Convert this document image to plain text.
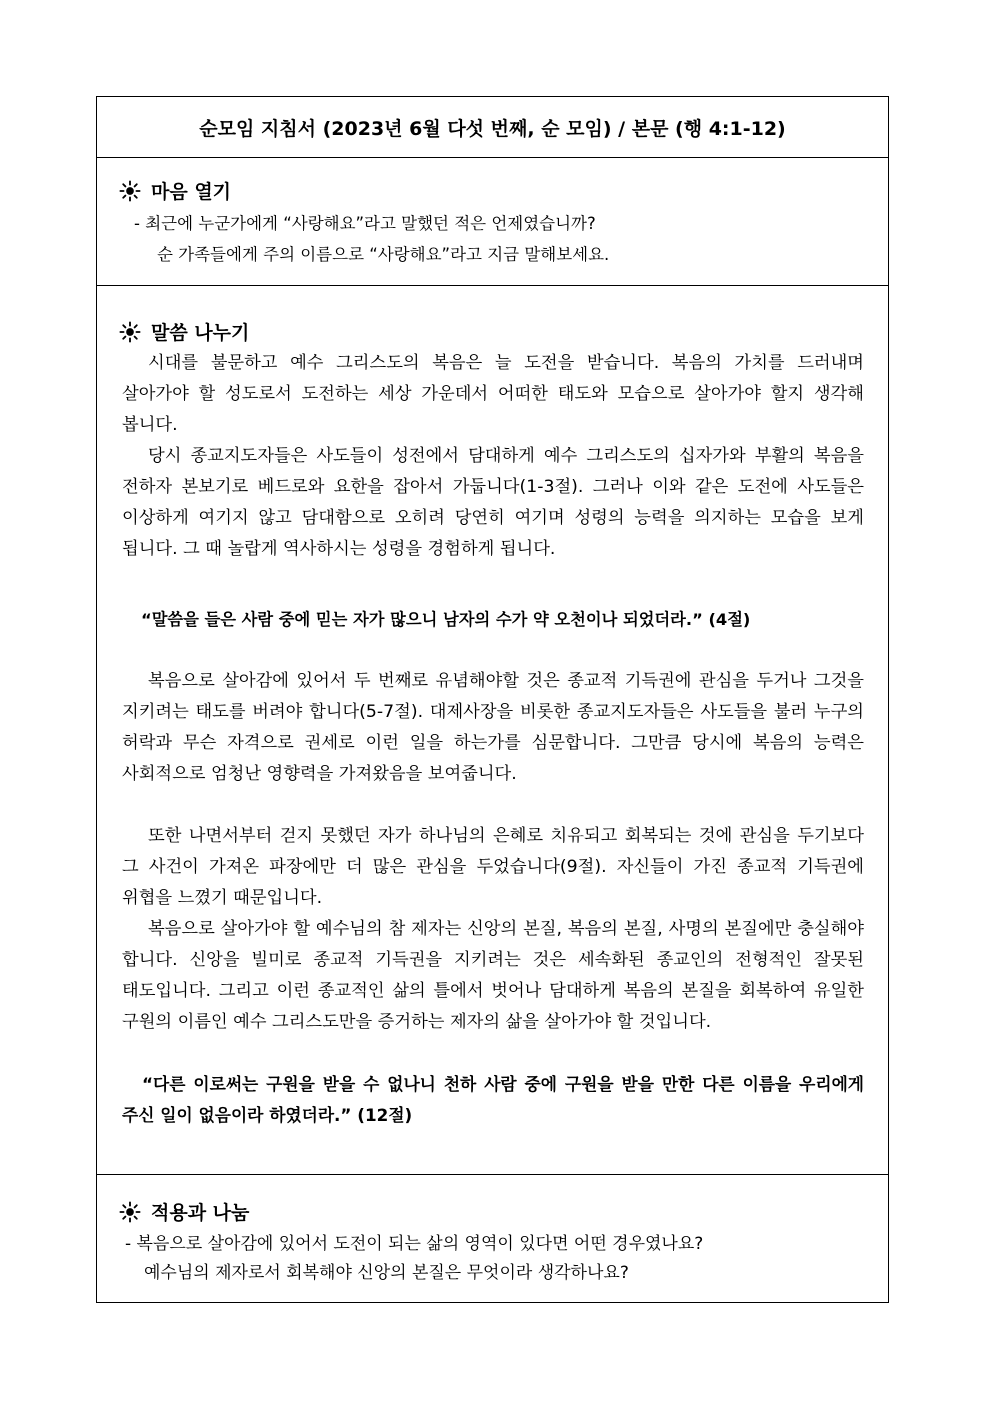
순모임 지침서 (2023년 6월 다섯 번째, 순 모임) / 본문 (행 4:1-12)
마음 열기
- 최근에 누군가에게 “사랑해요”라고 말했던 적은 언제였습니까?
순 가족들에게 주의 이름으로 “사랑해요”라고 지금 말해보세요.
말씀 나누기
시대를 불문하고 예수 그리스도의 복음은 늘 도전을 받습니다. 복음의 가치를 드러내며 살아가야 할 성도로서 도전하는 세상 가운데서 어떠한 태도와 모습으로 살아가야 할지 생각해 봅니다.
당시 종교지도자들은 사도들이 성전에서 담대하게 예수 그리스도의 십자가와 부활의 복음을 전하자 본보기로 베드로와 요한을 잡아서 가둡니다(1-3절). 그러나 이와 같은 도전에 사도들은 이상하게 여기지 않고 담대함으로 오히려 당연히 여기며 성령의 능력을 의지하는 모습을 보게 됩니다. 그 때 놀랍게 역사하시는 성령을 경험하게 됩니다.
“말씀을 들은 사람 중에 믿는 자가 많으니 남자의 수가 약 오천이나 되었더라.” (4절)
복음으로 살아감에 있어서 두 번째로 유념해야할 것은 종교적 기득권에 관심을 두거나 그것을 지키려는 태도를 버려야 합니다(5-7절). 대제사장을 비롯한 종교지도자들은 사도들을 불러 누구의 허락과 무슨 자격으로 권세로 이런 일을 하는가를 심문합니다. 그만큼 당시에 복음의 능력은 사회적으로 엄청난 영향력을 가져왔음을 보여줍니다.
또한 나면서부터 걷지 못했던 자가 하나님의 은혜로 치유되고 회복되는 것에 관심을 두기보다 그 사건이 가져온 파장에만 더 많은 관심을 두었습니다(9절). 자신들이 가진 종교적 기득권에 위협을 느꼈기 때문입니다.
복음으로 살아가야 할 예수님의 참 제자는 신앙의 본질, 복음의 본질, 사명의 본질에만 충실해야 합니다. 신앙을 빌미로 종교적 기득권을 지키려는 것은 세속화된 종교인의 전형적인 잘못된 태도입니다. 그리고 이런 종교적인 삶의 틀에서 벗어나 담대하게 복음의 본질을 회복하여 유일한 구원의 이름인 예수 그리스도만을 증거하는 제자의 삶을 살아가야 할 것입니다.
“다른 이로써는 구원을 받을 수 없나니 천하 사람 중에 구원을 받을 만한 다른 이름을 우리에게 주신 일이 없음이라 하였더라.” (12절)
적용과 나눔
- 복음으로 살아감에 있어서 도전이 되는 삶의 영역이 있다면 어떤 경우였나요?
예수님의 제자로서 회복해야 신앙의 본질은 무엇이라 생각하나요?
